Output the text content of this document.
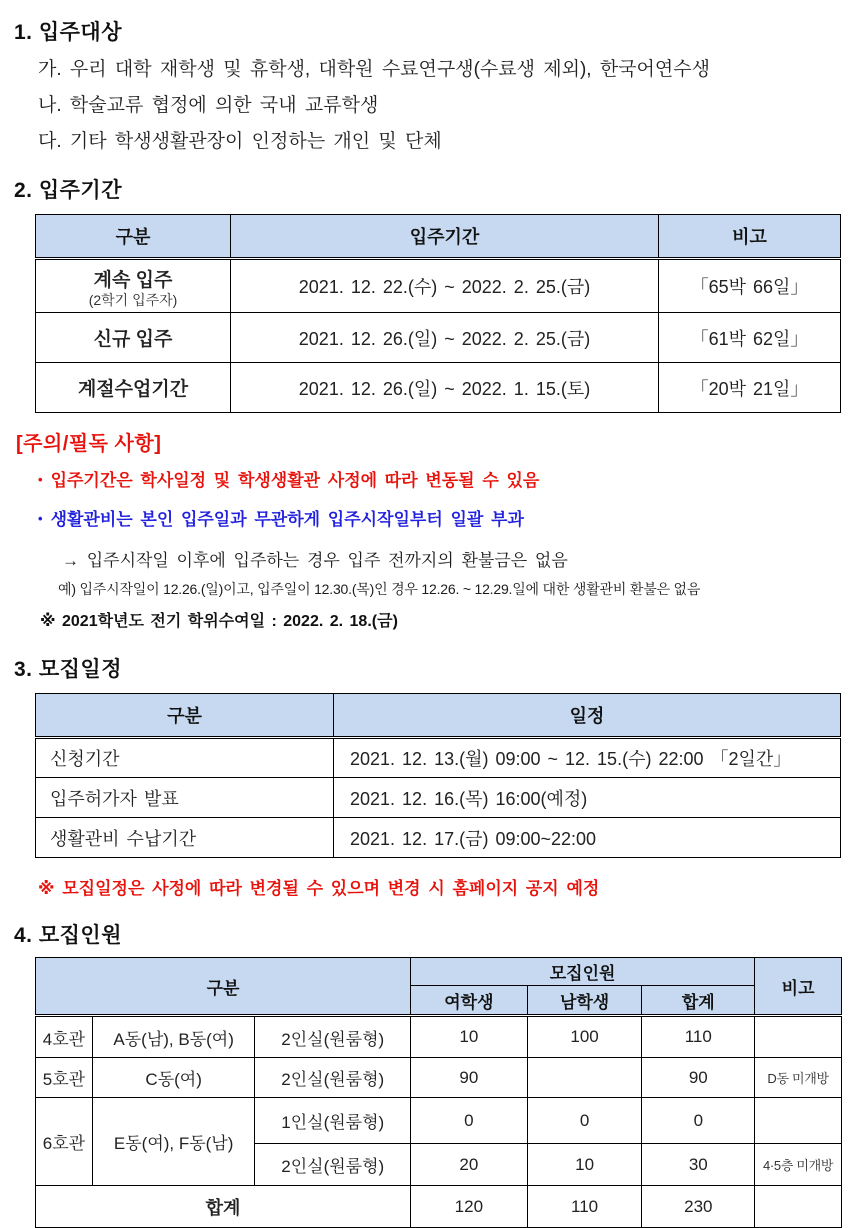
1. 입주대상
가. 우리 대학 재학생 및 휴학생, 대학원 수료연구생(수료생 제외), 한국어연수생
나. 학술교류 협정에 의한 국내 교류학생
다. 기타 학생생활관장이 인정하는 개인 및 단체
2. 입주기간
구분	입주기간	비고

계속 입주
(2학기 입주자)	2021. 12. 22.(수) ~ 2022. 2. 25.(금)	「65박 66일」
신규 입주	2021. 12. 26.(일) ~ 2022. 2. 25.(금)	「61박 62일」
계절수업기간	2021. 12. 26.(일) ~ 2022. 1. 15.(토)	「20박 21일」
[주의/필독 사항]
• 입주기간은 학사일정 및 학생생활관 사정에 따라 변동될 수 있음
• 생활관비는 본인 입주일과 무관하게 입주시작일부터 일괄 부과
→ 입주시작일 이후에 입주하는 경우 입주 전까지의 환불금은 없음
예) 입주시작일이 12.26.(일)이고, 입주일이 12.30.(목)인 경우 12.26. ~ 12.29.일에 대한 생활관비 환불은 없음
※ 2021학년도 전기 학위수여일 : 2022. 2. 18.(금)
3. 모집일정
구분	일정
신청기간	2021. 12. 13.(월) 09:00 ~ 12. 15.(수) 22:00 「2일간」
입주허가자 발표	2021. 12. 16.(목) 16:00(예정)
생활관비 수납기간	2021. 12. 17.(금) 09:00~22:00
※ 모집일정은 사정에 따라 변경될 수 있으며 변경 시 홈페이지 공지 예정
4. 모집인원
구분			모집인원			비고
			여학생	남학생	합계	
4호관	A동(남), B동(여)	2인실(원룸형)	10	100	110	
5호관	C동(여)	2인실(원룸형)	90		90	D동 미개방
6호관	E동(여), F동(남)	1인실(원룸형)	0	0	0	
		2인실(원룸형)	20	10	30	4·5층 미개방
합계			120	110	230	
